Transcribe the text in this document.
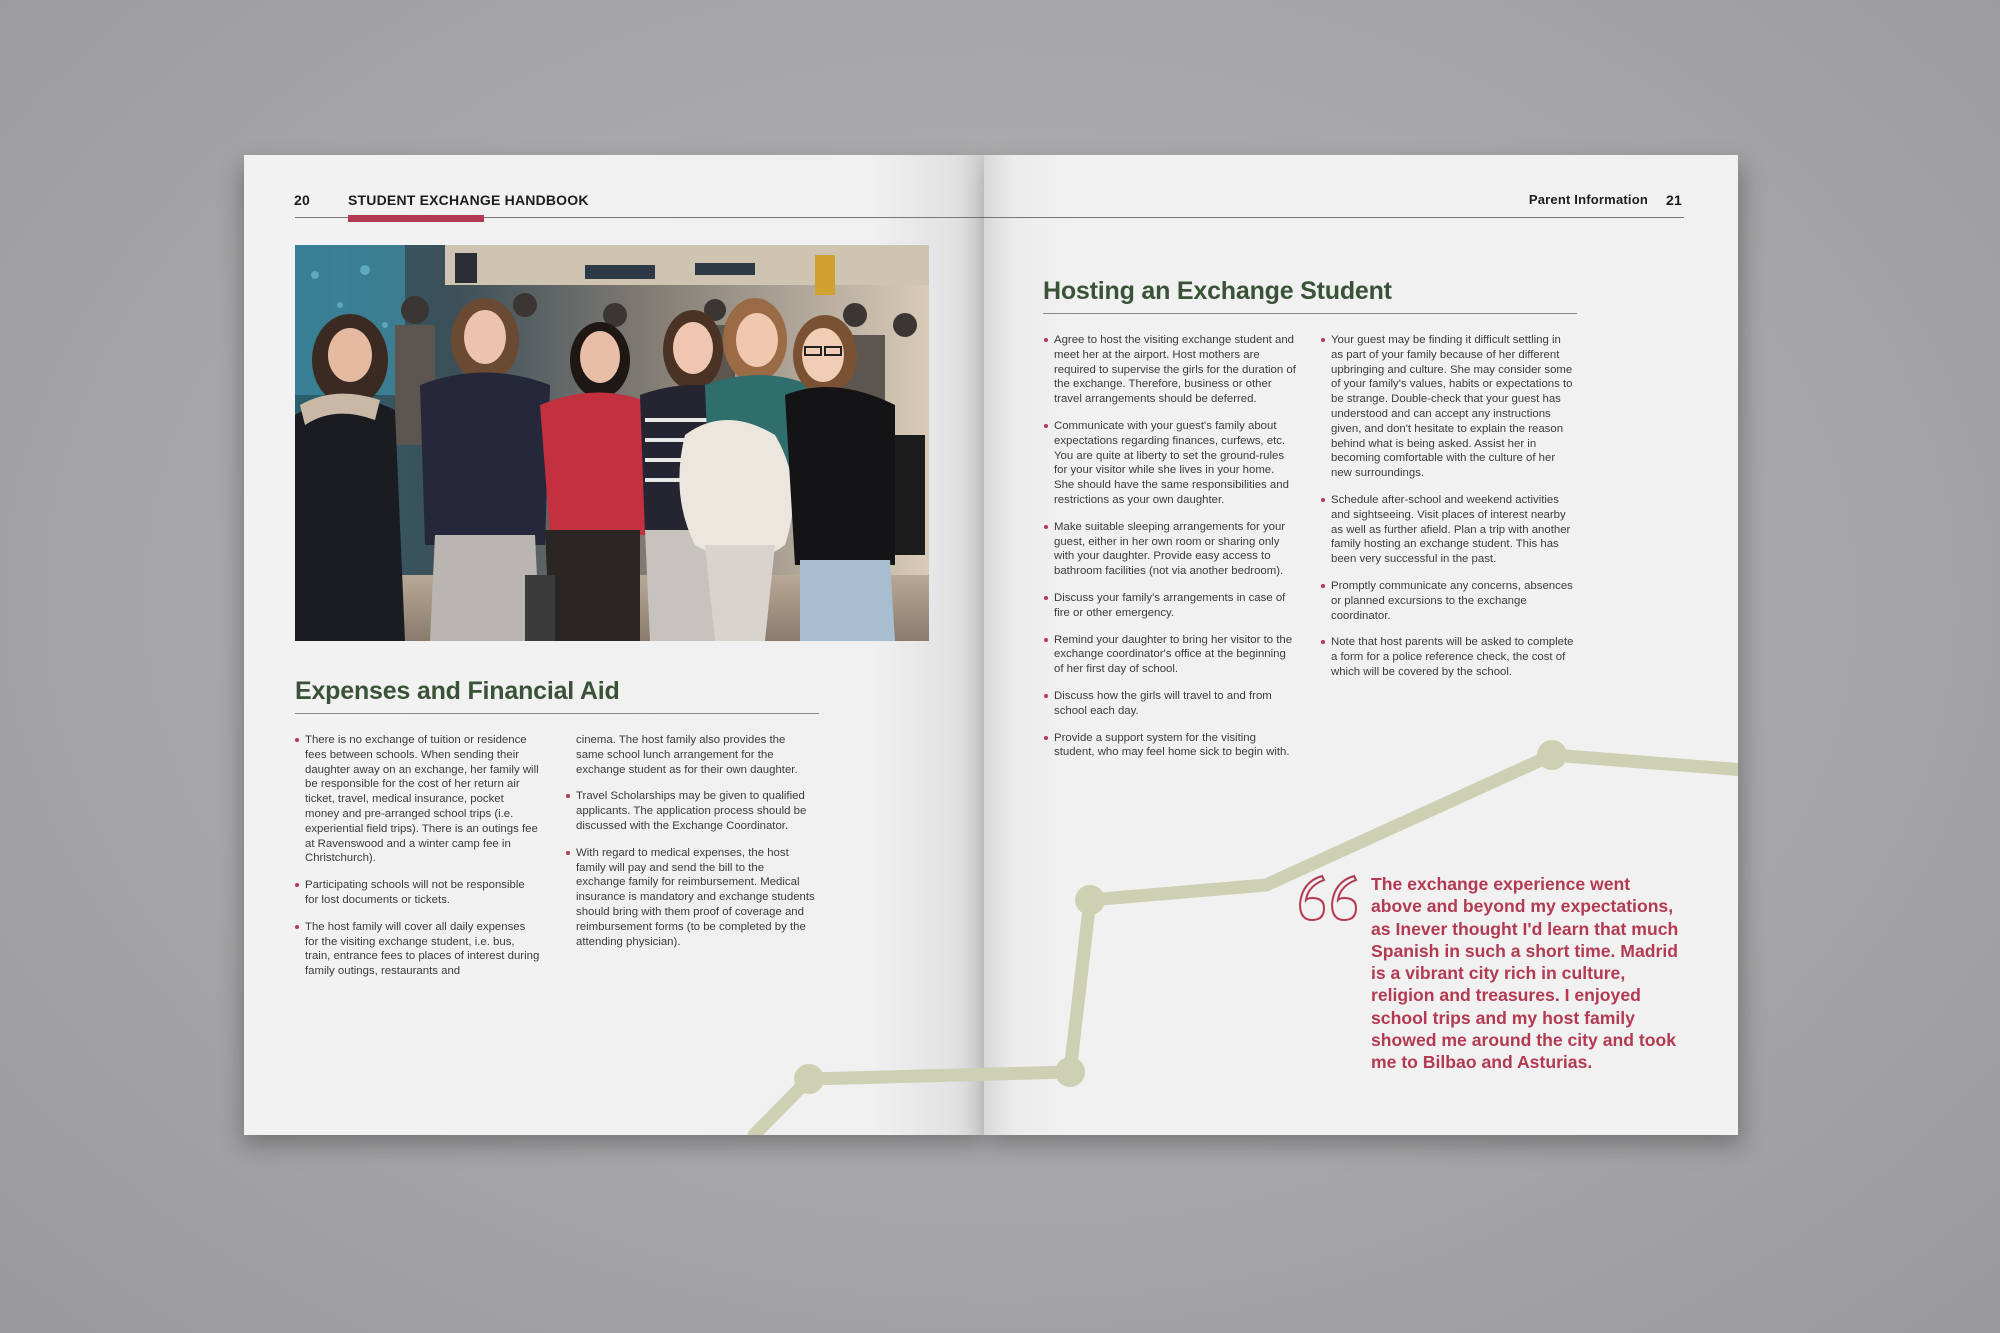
20	STUDENT EXCHANGE HANDBOOK
Expenses and Financial Aid
There is no exchange of tuition or residence fees between schools. When sending their daughter away on an exchange, her family will be responsible for the cost of her return air ticket, travel, medical insurance, pocket money and pre-arranged school trips (i.e. experiential field trips). There is an outings fee at Ravenswood and a winter camp fee in Christchurch).
Participating schools will not be responsible for lost documents or tickets.
The host family will cover all daily expenses for the visiting exchange student, i.e. bus, train, entrance fees to places of interest during family outings, restaurants and
cinema. The host family also provides the same school lunch arrangement for the exchange student as for their own daughter.
Travel Scholarships may be given to qualified applicants. The application process should be discussed with the Exchange Coordinator.
With regard to medical expenses, the host family will pay and send the bill to the exchange family for reimbursement. Medical insurance is mandatory and exchange students should bring with them proof of coverage and reimbursement forms (to be completed by the attending physician).
Parent Information 21
Hosting an Exchange Student
Agree to host the visiting exchange student and meet her at the airport. Host mothers are required to supervise the girls for the duration of the exchange. Therefore, business or other travel arrangements should be deferred.
Communicate with your guest's family about expectations regarding finances, curfews, etc. You are quite at liberty to set the ground-rules for your visitor while she lives in your home. She should have the same responsibilities and restrictions as your own daughter.
Make suitable sleeping arrangements for your guest, either in her own room or sharing only with your daughter. Provide easy access to bathroom facilities (not via another bedroom).
Discuss your family's arrangements in case of fire or other emergency.
Remind your daughter to bring her visitor to the exchange coordinator's office at the beginning of her first day of school.
Discuss how the girls will travel to and from school each day.
Provide a support system for the visiting student, who may feel home sick to begin with.
Your guest may be finding it difficult settling in as part of your family because of her different upbringing and culture. She may consider some of your family's values, habits or expectations to be strange. Double-check that your guest has understood and can accept any instructions given, and don't hesitate to explain the reason behind what is being asked. Assist her in becoming comfortable with the culture of her new surroundings.
Schedule after-school and weekend activities and sightseeing. Visit places of interest nearby as well as further afield. Plan a trip with another family hosting an exchange student. This has been very successful in the past.
Promptly communicate any concerns, absences or planned excursions to the exchange coordinator.
Note that host parents will be asked to complete a form for a police reference check, the cost of which will be covered by the school.
The exchange experience went above and beyond my expectations, as Inever thought I'd learn that much Spanish in such a short time. Madrid is a vibrant city rich in culture, religion and treasures. I enjoyed school trips and my host family showed me around the city and took me to Bilbao and Asturias.
